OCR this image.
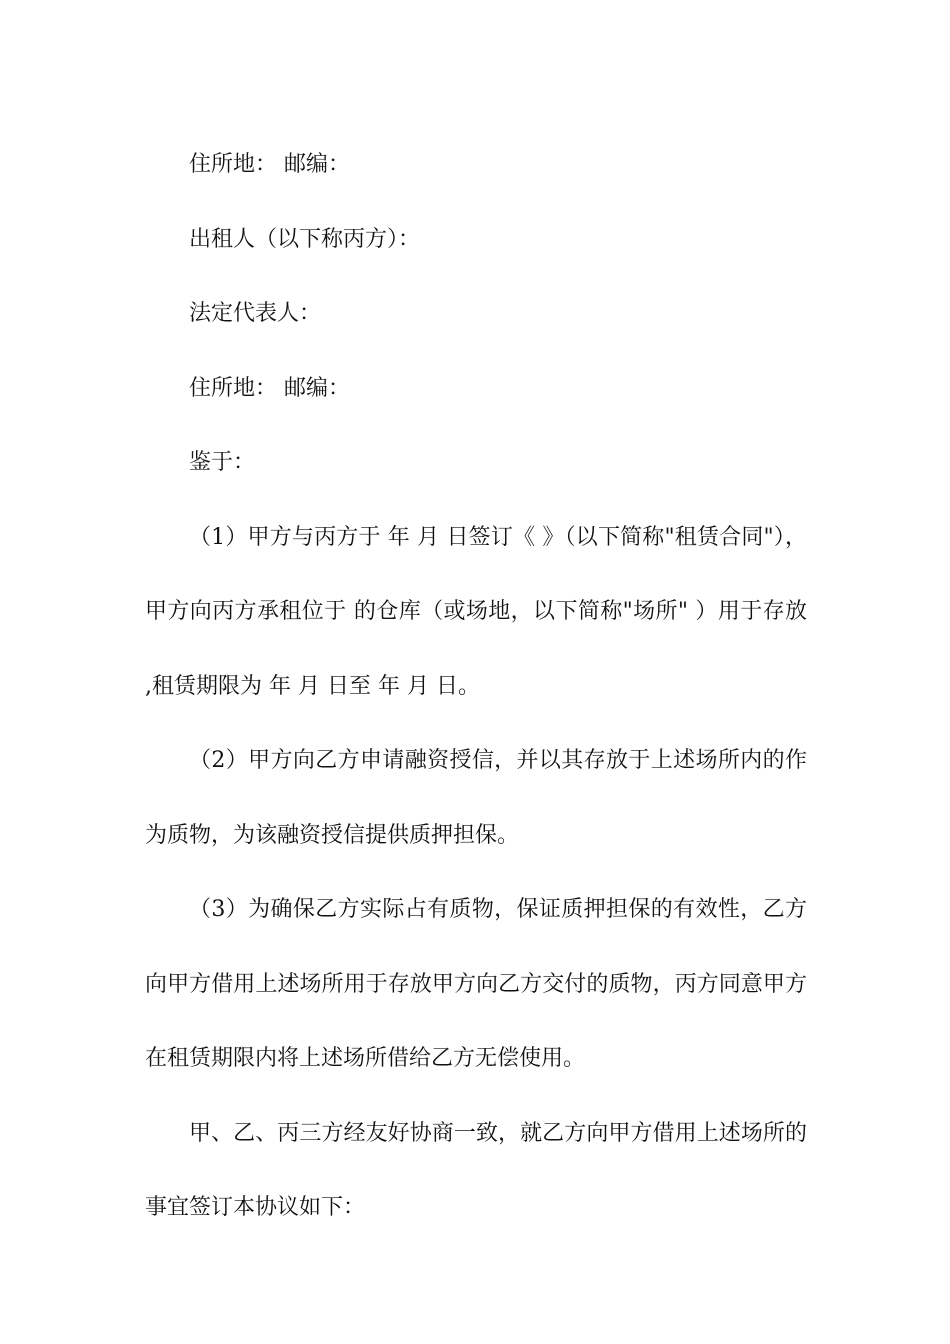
住所地： 邮编：

出租人（以下称丙方）：

法定代表人：

住所地： 邮编：

鉴于：

（1）甲方与丙方于 年 月 日签订《 》（以下简称"租赁合同"），甲方向丙方承租位于 的仓库（或场地，以下简称"场所" ）用于存放 ,租赁期限为 年 月 日至 年 月 日。

（2）甲方向乙方申请融资授信，并以其存放于上述场所内的作为质物，为该融资授信提供质押担保。

（3）为确保乙方实际占有质物，保证质押担保的有效性，乙方向甲方借用上述场所用于存放甲方向乙方交付的质物，丙方同意甲方在租赁期限内将上述场所借给乙方无偿使用。

甲、乙、丙三方经友好协商一致，就乙方向甲方借用上述场所的事宜签订本协议如下：
